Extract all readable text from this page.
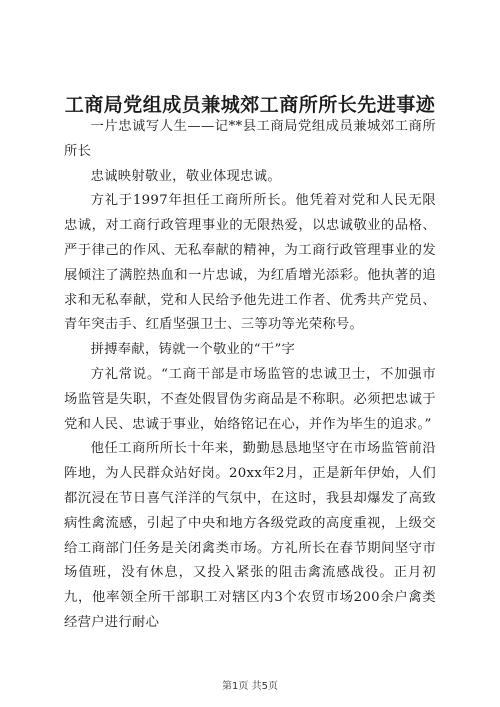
工商局党组成员兼城郊工商所所长先进事迹

一片忠诚写人生——记**县工商局党组成员兼城郊工商所所长

忠诚映射敬业，敬业体现忠诚。

方礼于1997年担任工商所所长。他凭着对党和人民无限忠诚，对工商行政管理事业的无限热爱，以忠诚敬业的品格、严于律己的作风、无私奉献的精神，为工商行政管理事业的发展倾注了满腔热血和一片忠诚，为红盾增光添彩。他执著的追求和无私奉献，党和人民给予他先进工作者、优秀共产党员、青年突击手、红盾坚强卫士、三等功等光荣称号。

拼搏奉献，铸就一个敬业的“干”字

方礼常说。“工商干部是市场监管的忠诚卫士，不加强市场监管是失职，不查处假冒伪劣商品是不称职。必须把忠诚于党和人民、忠诚于事业，始络铭记在心，并作为毕生的追求。”

他任工商所所长十年来，勤勤恳恳地坚守在市场监管前沿阵地，为人民群众站好岗。20xx年2月，正是新年伊始，人们都沉浸在节日喜气洋洋的气氛中，在这时，我县却爆发了高致病性禽流感，引起了中央和地方各级党政的高度重视，上级交给工商部门任务是关闭禽类市场。方礼所长在春节期间坚守市场值班，没有休息，又投入紧张的阻击禽流感战役。正月初九，他率领全所干部职工对辖区内3个农贸市场200余户禽类经营户进行耐心

第1页 共5页
